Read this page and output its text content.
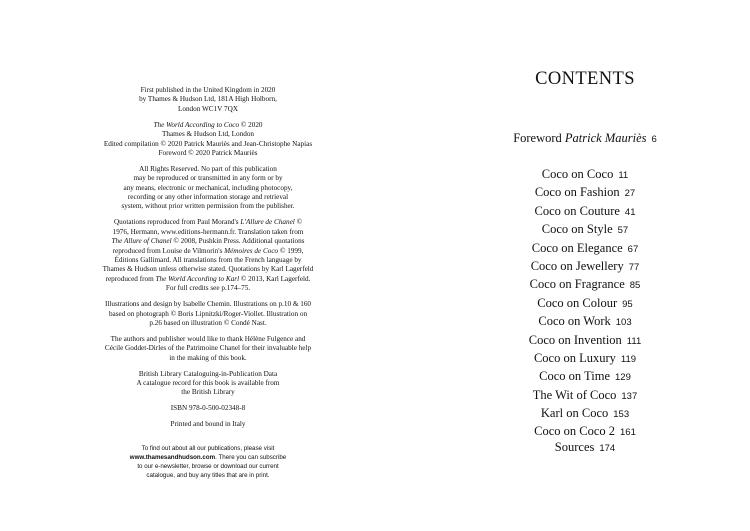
First published in the United Kingdom in 2020
by Thames & Hudson Ltd, 181A High Holborn,
London WC1V 7QX
The World According to Coco © 2020
Thames & Hudson Ltd, London
Edited compilation © 2020 Patrick Mauriès and Jean-Christophe Napias
Foreword © 2020 Patrick Mauriès
All Rights Reserved. No part of this publication
may be reproduced or transmitted in any form or by
any means, electronic or mechanical, including photocopy,
recording or any other information storage and retrieval
system, without prior written permission from the publisher.
Quotations reproduced from Paul Morand's L'Allure de Chanel ©
1976, Hermann, www.editions-hermann.fr. Translation taken from
The Allure of Chanel © 2008, Pushkin Press. Additional quotations
reproduced from Louise de Vilmorin's Mémoires de Coco © 1999,
Éditions Gallimard. All translations from the French language by
Thames & Hudson unless otherwise stated. Quotations by Karl Lagerfeld
reproduced from The World According to Karl © 2013, Karl Lagerfeld.
For full credits see p.174–75.
Illustrations and design by Isabelle Chemin. Illustrations on p.10 & 160
based on photograph © Boris Lipnitzki/Roger-Viollet. Illustration on
p.26 based on illustration © Condé Nast.
The authors and publisher would like to thank Hélène Fulgence and
Cécile Goddet-Dirles of the Patrimoine Chanel for their invaluable help
in the making of this book.
British Library Cataloguing-in-Publication Data
A catalogue record for this book is available from
the British Library
ISBN 978-0-500-02348-8
Printed and bound in Italy
To find out about all our publications, please visit
www.thamesandhudson.com. There you can subscribe
to our e-newsletter, browse or download our current
catalogue, and buy any titles that are in print.
CONTENTS
Foreword Patrick Mauriès 6
Coco on Coco 11
Coco on Fashion 27
Coco on Couture 41
Coco on Style 57
Coco on Elegance 67
Coco on Jewellery 77
Coco on Fragrance 85
Coco on Colour 95
Coco on Work 103
Coco on Invention 111
Coco on Luxury 119
Coco on Time 129
The Wit of Coco 137
Karl on Coco 153
Coco on Coco 2 161
Sources 174
